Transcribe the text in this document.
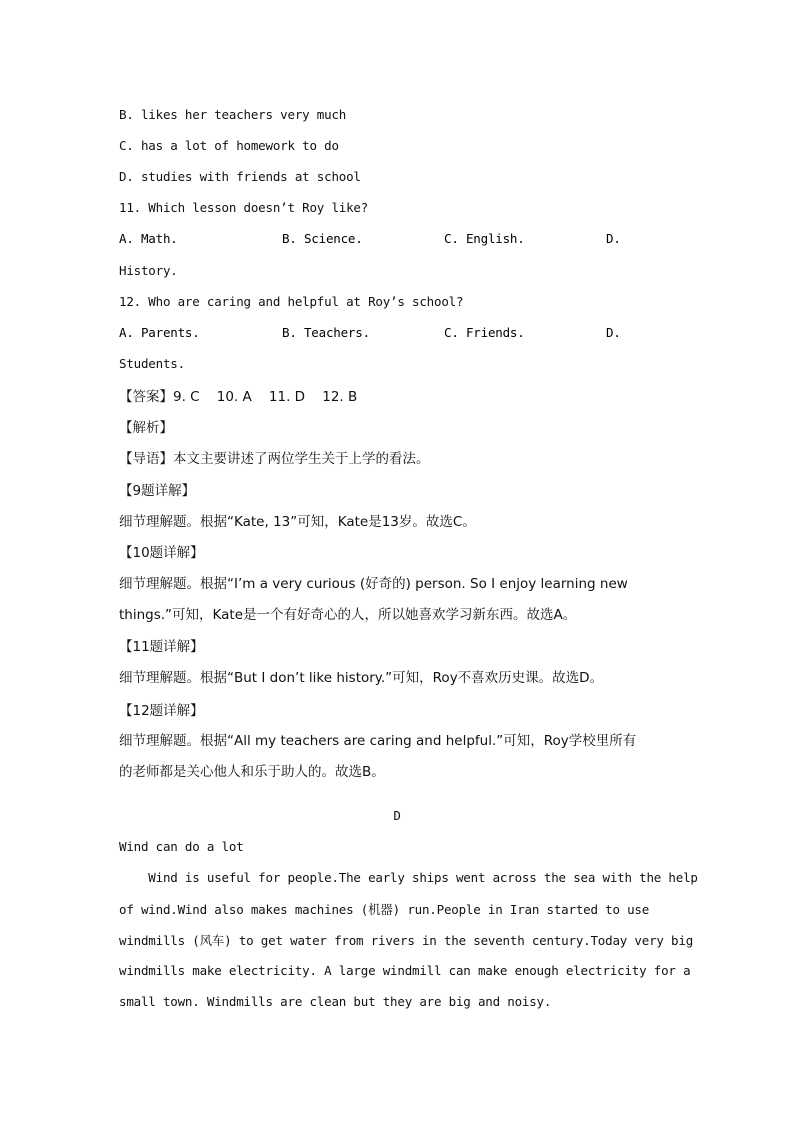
B. likes her teachers very much
C. has a lot of homework to do
D. studies with friends at school
11. Which lesson doesn’t Roy like?
A. Math.	B. Science.	C. English.	D.
History.
12. Who are caring and helpful at Roy’s school?
A. Parents.	B. Teachers.	C. Friends.	D.
Students.
【答案】9. C    10. A    11. D    12. B
【解析】
【导语】本文主要讲述了两位学生关于上学的看法。
【9题详解】
细节理解题。根据“Kate, 13”可知，Kate是13岁。故选C。
【10题详解】
细节理解题。根据“I’m a very curious (好奇的) person. So I enjoy learning new
things.”可知，Kate是一个有好奇心的人，所以她喜欢学习新东西。故选A。
【11题详解】
细节理解题。根据“But I don’t like history.”可知，Roy不喜欢历史课。故选D。
【12题详解】
细节理解题。根据“All my teachers are caring and helpful.”可知，Roy学校里所有
的老师都是关心他人和乐于助人的。故选B。
D
Wind can do a lot
Wind is useful for people.The early ships went across the sea with the help
of wind.Wind also makes machines (机器) run.People in Iran started to use
windmills (风车) to get water from rivers in the seventh century.Today very big
windmills make electricity. A large windmill can make enough electricity for a
small town. Windmills are clean but they are big and noisy.
